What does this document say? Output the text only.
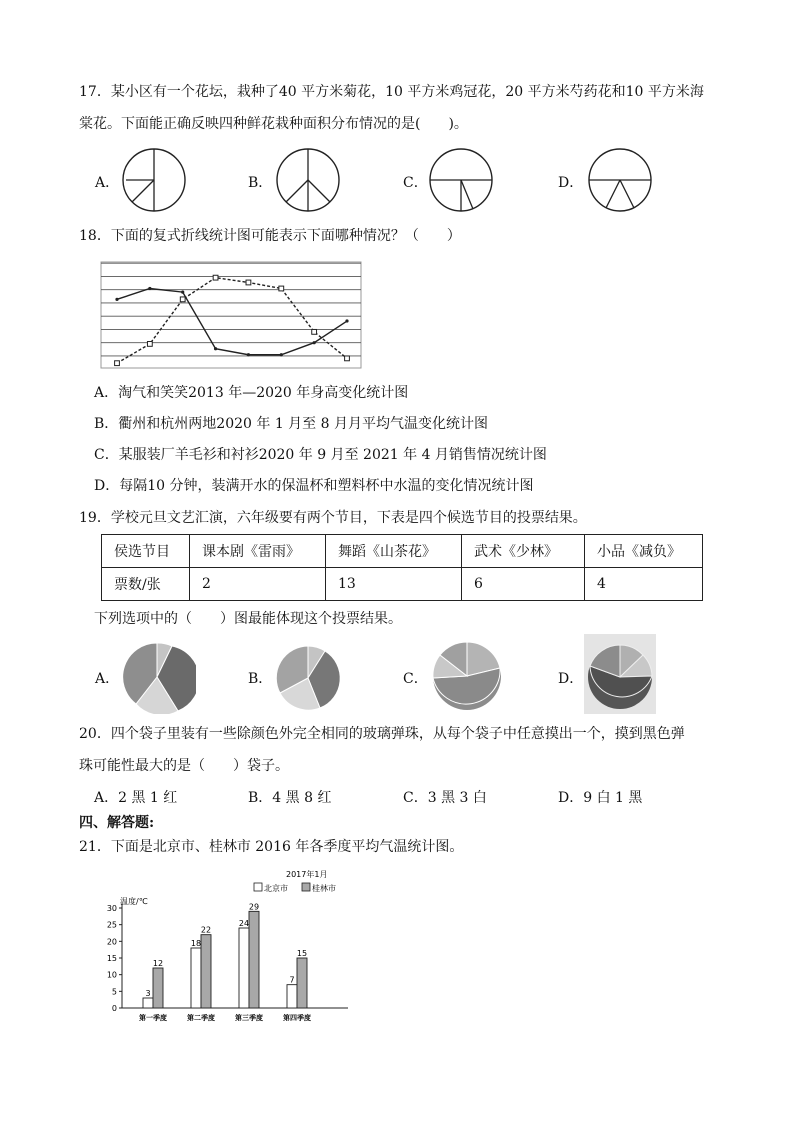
17．某小区有一个花坛，栽种了40 平方米菊花，10 平方米鸡冠花，20 平方米芍药花和10 平方米海
棠花。下面能正确反映四种鲜花栽种面积分布情况的是(　　)。
A．	B．	C．	D．
18．下面的复式折线统计图可能表示下面哪种情况？（　　）
A．淘气和笑笑2013 年—2020 年身高变化统计图
B．衢州和杭州两地2020 年 1 月至 8 月月平均气温变化统计图
C．某服装厂羊毛衫和衬衫2020 年 9 月至 2021 年 4 月销售情况统计图
D．每隔10 分钟，装满开水的保温杯和塑料杯中水温的变化情况统计图
19．学校元旦文艺汇演，六年级要有两个节目，下表是四个候选节目的投票结果。
侯选节目	课本剧《雷雨》	舞蹈《山茶花》	武术《少林》	小品《减负》
票数/张	2	13	6	4
下列选项中的（　　）图最能体现这个投票结果。
A．	B．	C．	D．
20．四个袋子里装有一些除颜色外完全相同的玻璃弹珠，从每个袋子中任意摸出一个，摸到黑色弹
珠可能性最大的是（　　）袋子。
A．2 黑 1 红	B．4 黑 8 红	C．3 黑 3 白	D．9 白 1 黑
四、解答题:
21．下面是北京市、桂林市 2016 年各季度平均气温统计图。
2017年1月
北京市	桂林市
温度/℃
0
5
10
15
20
25
30
3
12
第一季度
18
22
第二季度
24
29
第三季度
7
15
第四季度
